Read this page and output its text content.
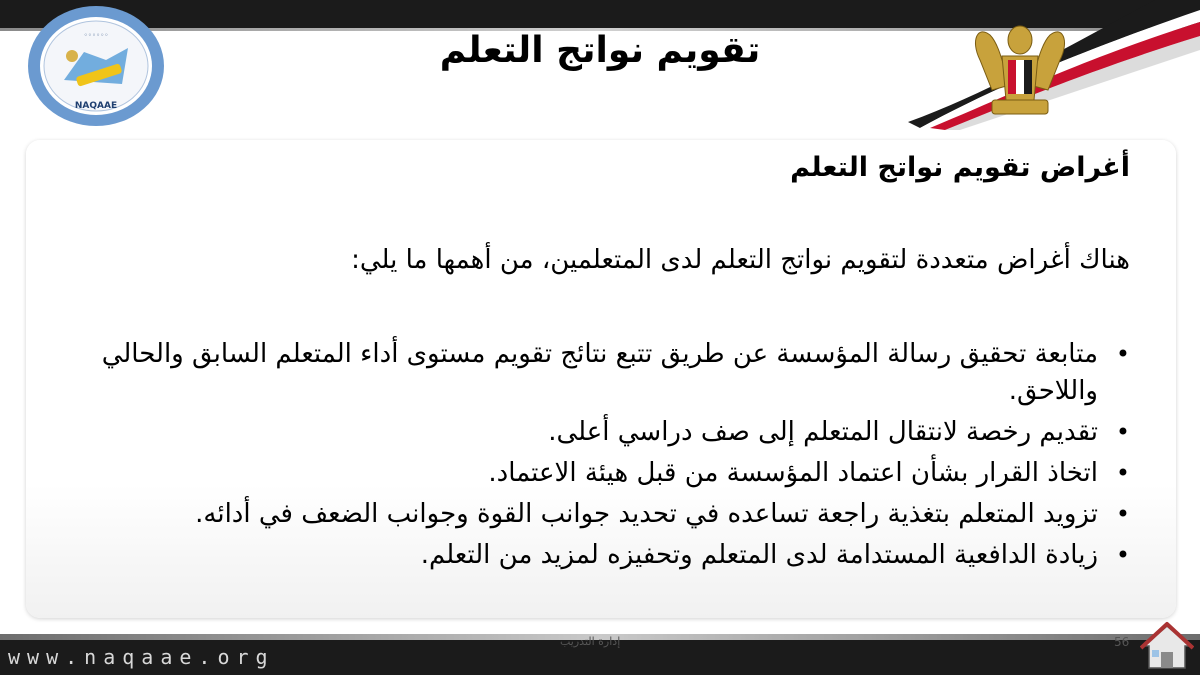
◦◦◦◦◦◦
NAQAAE
تقويم نواتج التعلم
أغراض تقويم نواتج التعلم

هناك أغراض متعددة لتقويم نواتج التعلم لدى المتعلمين، من أهمها ما يلي:

• متابعة تحقيق رسالة المؤسسة عن طريق تتبع نتائج تقويم مستوى أداء المتعلم السابق والحالي واللاحق.
• تقديم رخصة لانتقال المتعلم إلى صف دراسي أعلى.
• اتخاذ القرار بشأن اعتماد المؤسسة من قبل هيئة الاعتماد.
• تزويد المتعلم بتغذية راجعة تساعده في تحديد جوانب القوة وجوانب الضعف في أدائه.
• زيادة الدافعية المستدامة لدى المتعلم وتحفيزه لمزيد من التعلم.
www.naqaae.org
إدارة التدريب	56
